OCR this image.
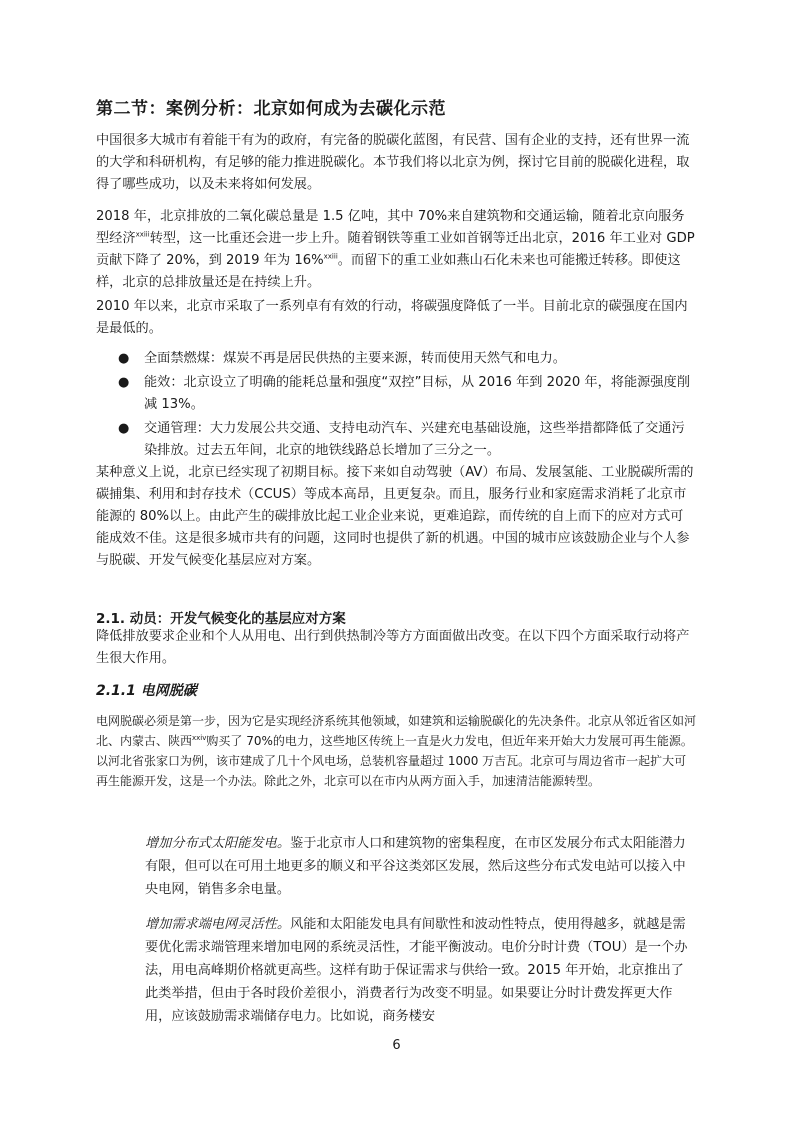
第二节：案例分析：北京如何成为去碳化示范

中国很多大城市有着能干有为的政府，有完备的脱碳化蓝图，有民营、国有企业的支持，还有世界一流的大学和科研机构，有足够的能力推进脱碳化。本节我们将以北京为例，探讨它目前的脱碳化进程，取得了哪些成功，以及未来将如何发展。

2018 年，北京排放的二氧化碳总量是 1.5 亿吨，其中 70%来自建筑物和交通运输，随着北京向服务型经济$^{xxiii}$转型，这一比重还会进一步上升。随着钢铁等重工业如首钢等迁出北京，2016 年工业对 GDP 贡献下降了 20%，到 2019 年为 16%$^{xxiii}$。而留下的重工业如燕山石化未来也可能搬迁转移。即使这样，北京的总排放量还是在持续上升。

2010 年以来，北京市采取了一系列卓有有效的行动，将碳强度降低了一半。目前北京的碳强度在国内是最低的。

● 全面禁燃煤：煤炭不再是居民供热的主要来源，转而使用天然气和电力。
● 能效：北京设立了明确的能耗总量和强度“双控”目标，从 2016 年到 2020 年，将能源强度削减 13%。
● 交通管理：大力发展公共交通、支持电动汽车、兴建充电基础设施，这些举措都降低了交通污染排放。过去五年间，北京的地铁线路总长增加了三分之一。

某种意义上说，北京已经实现了初期目标。接下来如自动驾驶（AV）布局、发展氢能、工业脱碳所需的碳捕集、利用和封存技术（CCUS）等成本高昂，且更复杂。而且，服务行业和家庭需求消耗了北京市能源的 80%以上。由此产生的碳排放比起工业企业来说，更难追踪，而传统的自上而下的应对方式可能成效不佳。这是很多城市共有的问题，这同时也提供了新的机遇。中国的城市应该鼓励企业与个人参与脱碳、开发气候变化基层应对方案。

2.1. 动员：开发气候变化的基层应对方案

降低排放要求企业和个人从用电、出行到供热制冷等方方面面做出改变。在以下四个方面采取行动将产生很大作用。

2.1.1 电网脱碳

电网脱碳必须是第一步，因为它是实现经济系统其他领域，如建筑和运输脱碳化的先决条件。北京从邻近省区如河北、内蒙古、陕西$^{xxiv}$购买了 70%的电力，这些地区传统上一直是火力发电，但近年来开始大力发展可再生能源。以河北省张家口为例，该市建成了几十个风电场，总装机容量超过 1000 万吉瓦。北京可与周边省市一起扩大可再生能源开发，这是一个办法。除此之外，北京可以在市内从两方面入手，加速清洁能源转型。

增加分布式太阳能发电。鉴于北京市人口和建筑物的密集程度，在市区发展分布式太阳能潜力有限，但可以在可用土地更多的顺义和平谷这类郊区发展，然后这些分布式发电站可以接入中央电网，销售多余电量。

增加需求端电网灵活性。风能和太阳能发电具有间歇性和波动性特点，使用得越多，就越是需要优化需求端管理来增加电网的系统灵活性，才能平衡波动。电价分时计费（TOU）是一个办法，用电高峰期价格就更高些。这样有助于保证需求与供给一致。2015 年开始，北京推出了此类举措，但由于各时段价差很小，消费者行为改变不明显。如果要让分时计费发挥更大作用，应该鼓励需求端储存电力。比如说，商务楼安

6
